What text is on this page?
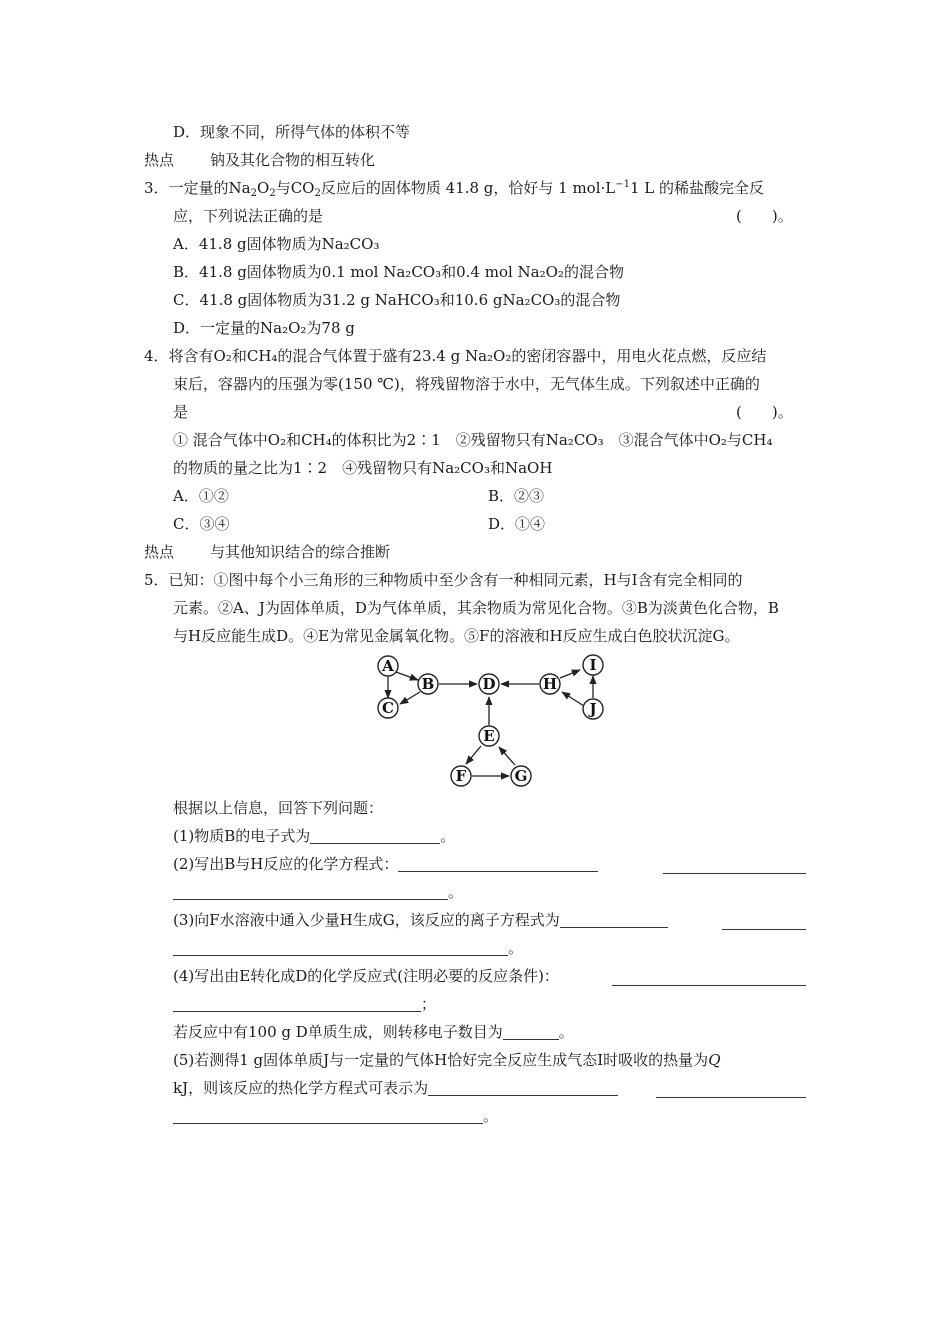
D．现象不同，所得气体的体积不等
热点 钠及其化合物的相互转化
3．一定量的$Na_2O_2$与$CO_2$反应后的固体物质 41.8 g，恰好与 1 $mol\cdot L^{-1}1$ L 的稀盐酸完全反
应，下列说法正确的是	(　　)。
A．41.8 g固体物质为Na₂CO₃
B．41.8 g固体物质为0.1 mol Na₂CO₃和0.4 mol Na₂O₂的混合物
C．41.8 g固体物质为31.2 g NaHCO₃和10.6 gNa₂CO₃的混合物
D．一定量的Na₂O₂为78 g
4．将含有O₂和CH₄的混合气体置于盛有23.4 g Na₂O₂的密闭容器中，用电火花点燃，反应结
束后，容器内的压强为零(150 ℃)，将残留物溶于水中，无气体生成。下列叙述中正确的
是	(　　)。
① 混合气体中O₂和CH₄的体积比为2∶1　②残留物只有Na₂CO₃　③混合气体中O₂与CH₄
的物质的量之比为1∶2　④残留物只有Na₂CO₃和NaOH
A．①②	B．②③
C．③④	D．①④
热点 与其他知识结合的综合推断
5．已知：①图中每个小三角形的三种物质中至少含有一种相同元素，H与I含有完全相同的
元素。②A、J为固体单质，D为气体单质，其余物质为常见化合物。③B为淡黄色化合物，B
与H反应能生成D。④E为常见金属氧化物。⑤F的溶液和H反应生成白色胶状沉淀G。
A
B
C
D	H
I
J
E
F	G
根据以上信息，回答下列问题：
(1)物质B的电子式为	。
(2)写出B与H反应的化学方程式：
。
(3)向F水溶液中通入少量H生成G，该反应的离子方程式为
。
(4)写出由E转化成D的化学反应式(注明必要的反应条件)：
；
若反应中有100 g D单质生成，则转移电子数目为	。
(5)若测得1 g固体单质J与一定量的气体H恰好完全反应生成气态I时吸收的热量为Q
kJ，则该反应的热化学方程式可表示为
。
